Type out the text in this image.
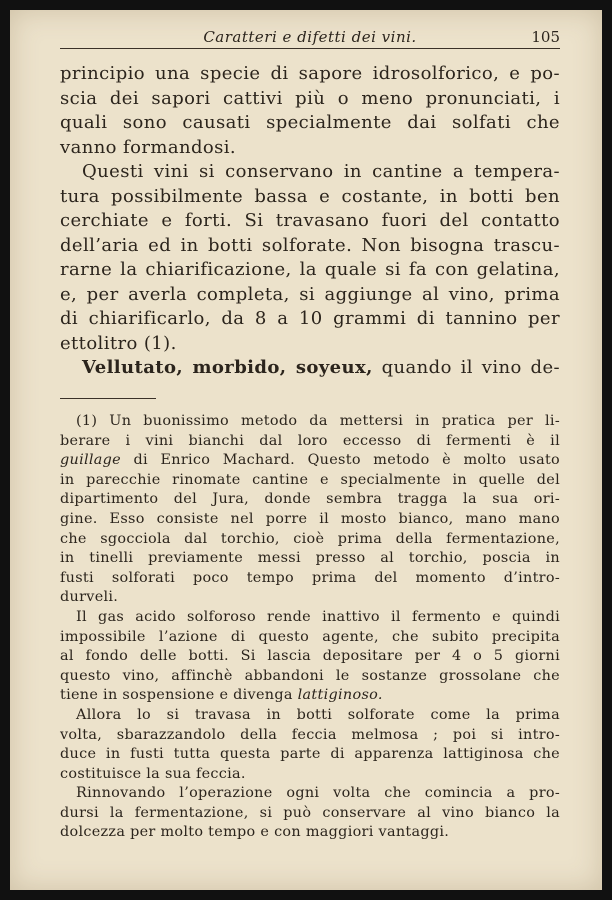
Caratteri e difetti dei vini.	105

principio una specie di sapore idrosolforico, e po-

scia dei sapori cattivi più o meno pronunciati, i

quali sono causati specialmente dai solfati che

vanno formandosi.

Questi vini si conservano in cantine a tempera-

tura possibilmente bassa e costante, in botti ben

cerchiate e forti. Si travasano fuori del contatto

dell’aria ed in botti solforate. Non bisogna trascu-

rarne la chiarificazione, la quale si fa con gelatina,

e, per averla completa, si aggiunge al vino, prima

di chiarificarlo, da 8 a 10 grammi di tannino per

ettolitro (1).

Vellutato, morbido, soyeux, quando il vino de-

(1) Un buonissimo metodo da mettersi in pratica per li-

berare i vini bianchi dal loro eccesso di fermenti è il

guillage di Enrico Machard. Questo metodo è molto usato

in parecchie rinomate cantine e specialmente in quelle del

dipartimento del Jura, donde sembra tragga la sua ori-

gine. Esso consiste nel porre il mosto bianco, mano mano

che sgocciola dal torchio, cioè prima della fermentazione,

in tinelli previamente messi presso al torchio, poscia in

fusti solforati poco tempo prima del momento d’intro-

durveli.

Il gas acido solforoso rende inattivo il fermento e quindi

impossibile l’azione di questo agente, che subito precipita

al fondo delle botti. Si lascia depositare per 4 o 5 giorni

questo vino, affinchè abbandoni le sostanze grossolane che

tiene in sospensione e divenga lattiginoso.

Allora lo si travasa in botti solforate come la prima

volta, sbarazzandolo della feccia melmosa ; poi si intro-

duce in fusti tutta questa parte di apparenza lattiginosa che

costituisce la sua feccia.

Rinnovando l’operazione ogni volta che comincia a pro-

dursi la fermentazione, si può conservare al vino bianco la

dolcezza per molto tempo e con maggiori vantaggi.
